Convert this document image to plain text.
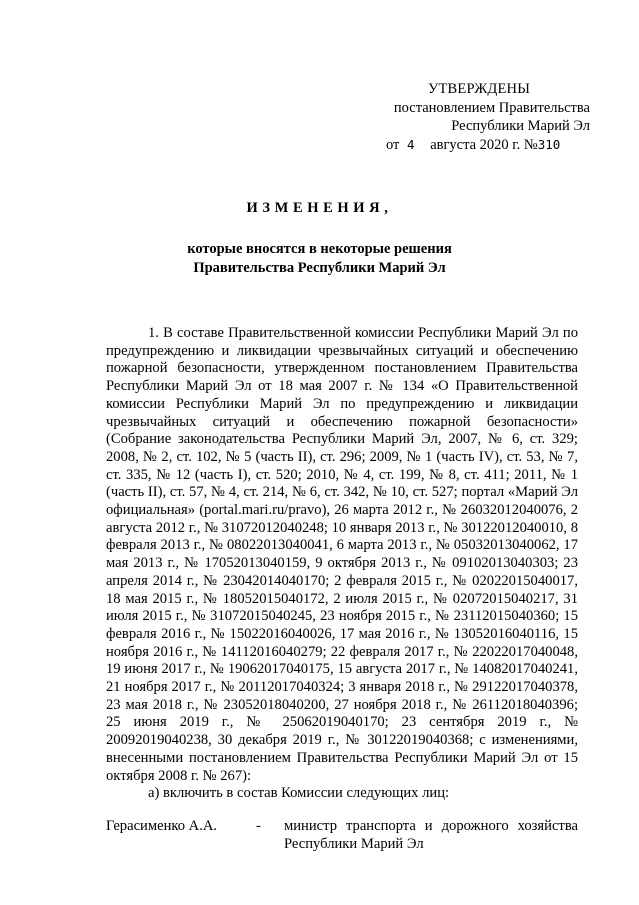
УТВЕРЖДЕНЫ
постановлением Правительства
Республики Марий Эл
от 4 августа 2020 г. №310
ИЗМЕНЕНИЯ,
которые вносятся в некоторые решения
Правительства Республики Марий Эл

1. В составе Правительственной комиссии Республики Марий Эл по предупреждению и ликвидации чрезвычайных ситуаций и обеспечению пожарной безопасности, утвержденном постановлением Правительства Республики Марий Эл от 18 мая 2007 г. № 134 «О Правительственной комиссии Республики Марий Эл по предупреждению и ликвидации чрезвычайных ситуаций и обеспечению пожарной безопасности» (Собрание законодательства Республики Марий Эл, 2007, № 6, ст. 329; 2008, № 2, ст. 102, № 5 (часть II), ст. 296; 2009, № 1 (часть IV), ст. 53, № 7, ст. 335, № 12 (часть I), ст. 520; 2010, № 4, ст. 199, № 8, ст. 411; 2011, № 1 (часть II), ст. 57, № 4, ст. 214, № 6, ст. 342, № 10, ст. 527; портал «Марий Эл официальная» (portal.mari.ru/pravo), 26 марта 2012 г., № 26032012040076, 2 августа 2012 г., № 31072012040248; 10 января 2013 г., № 30122012040010, 8 февраля 2013 г., № 08022013040041, 6 марта 2013 г., № 05032013040062, 17 мая 2013 г., № 17052013040159, 9 октября 2013 г., № 09102013040303; 23 апреля 2014 г., № 23042014040170; 2 февраля 2015 г., № 02022015040017, 18 мая 2015 г., № 18052015040172, 2 июля 2015 г., № 02072015040217, 31 июля 2015 г., № 31072015040245, 23 ноября 2015 г., № 23112015040360; 15 февраля 2016 г., № 15022016040026, 17 мая 2016 г., № 13052016040116, 15 ноября 2016 г., № 14112016040279; 22 февраля 2017 г., № 22022017040048, 19 июня 2017 г., № 19062017040175, 15 августа 2017 г., № 14082017040241, 21 ноября 2017 г., № 20112017040324; 3 января 2018 г., № 29122017040378, 23 мая 2018 г., № 23052018040200, 27 ноября 2018 г., № 26112018040396; 25 июня 2019 г., № 25062019040170; 23 сентября 2019 г., № 20092019040238, 30 декабря 2019 г., № 30122019040368; с изменениями, внесенными постановлением Правительства Республики Марий Эл от 15 октября 2008 г. № 267):

а) включить в состав Комиссии следующих лиц:

Герасименко А.А.	- министр транспорта и дорожного хозяйства Республики Марий Эл
